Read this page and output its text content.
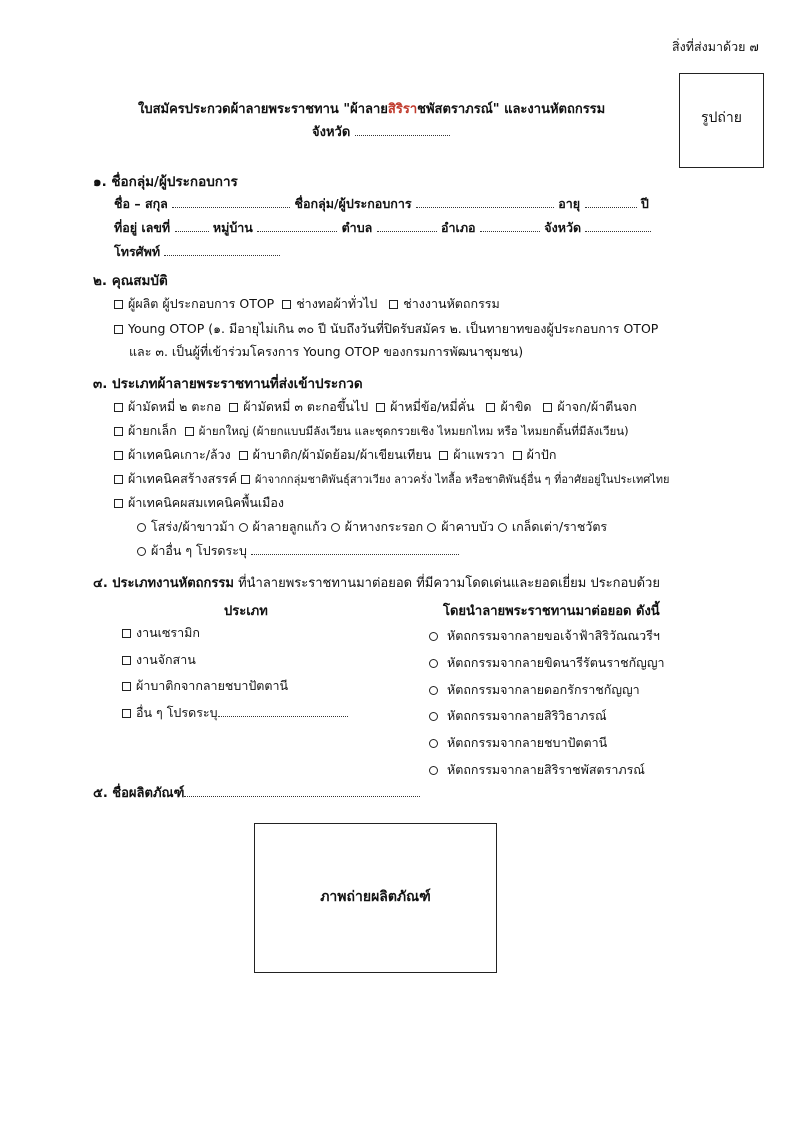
สิ่งที่ส่งมาด้วย ๗
ใบสมัครประกวดผ้าลายพระราชทาน "ผ้าลายสิริราชพัสตราภรณ์" และงานหัตถกรรม
จังหวัด
รูปถ่าย
๑. ชื่อกลุ่ม/ผู้ประกอบการ
ชื่อ – สกุล	ชื่อกลุ่ม/ผู้ประกอบการ	อายุ	ปี
ที่อยู่ เลขที่	หมู่บ้าน	ตำบล	อำเภอ	จังหวัด
โทรศัพท์
๒. คุณสมบัติ
ผู้ผลิต ผู้ประกอบการ OTOP ช่างทอผ้าทั่วไป ช่างงานหัตถกรรม
Young OTOP (๑. มีอายุไม่เกิน ๓๐ ปี นับถึงวันที่ปิดรับสมัคร ๒. เป็นทายาทของผู้ประกอบการ OTOP
และ ๓. เป็นผู้ที่เข้าร่วมโครงการ Young OTOP ของกรมการพัฒนาชุมชน)
๓. ประเภทผ้าลายพระราชทานที่ส่งเข้าประกวด
ผ้ามัดหมี่ ๒ ตะกอ ผ้ามัดหมี่ ๓ ตะกอขึ้นไป ผ้าหมี่ข้อ/หมี่คั่น ผ้าขิด ผ้าจก/ผ้าตีนจก
ผ้ายกเล็ก ผ้ายกใหญ่ (ผ้ายกแบบมีลังเวียน และชุดกรวยเชิง ไหมยกไหม หรือ ไหมยกดิ้นที่มีลังเวียน)
ผ้าเทคนิคเกาะ/ล้วง ผ้าบาติก/ผ้ามัดย้อม/ผ้าเขียนเทียน ผ้าแพรวา ผ้าปัก
ผ้าเทคนิคสร้างสรรค์ ผ้าจากกลุ่มชาติพันธุ์สาวเวียง ลาวครั่ง ไทลื้อ หรือชาติพันธุ์อื่น ๆ ที่อาศัยอยู่ในประเทศไทย
ผ้าเทคนิคผสมเทคนิคพื้นเมือง
โสร่ง/ผ้าขาวม้า ผ้าลายลูกแก้ว ผ้าหางกระรอก ผ้าคาบบัว เกล็ดเต่า/ราชวัตร
ผ้าอื่น ๆ โปรดระบุ
๔. ประเภทงานหัตถกรรม ที่นำลายพระราชทานมาต่อยอด ที่มีความโดดเด่นและยอดเยี่ยม ประกอบด้วย
ประเภท	โดยนำลายพระราชทานมาต่อยอด ดังนี้
งานเซรามิก
งานจักสาน
ผ้าบาติกจากลายชบาปัตตานี
อื่น ๆ โปรดระบุ
หัตถกรรมจากลายขอเจ้าฟ้าสิริวัณณวรีฯ
หัตถกรรมจากลายขิดนารีรัตนราชกัญญา
หัตถกรรมจากลายดอกรักราชกัญญา
หัตถกรรมจากลายสิริวิธาภรณ์
หัตถกรรมจากลายชบาปัตตานี
หัตถกรรมจากลายสิริราชพัสตราภรณ์
๕. ชื่อผลิตภัณฑ์
ภาพถ่ายผลิตภัณฑ์
